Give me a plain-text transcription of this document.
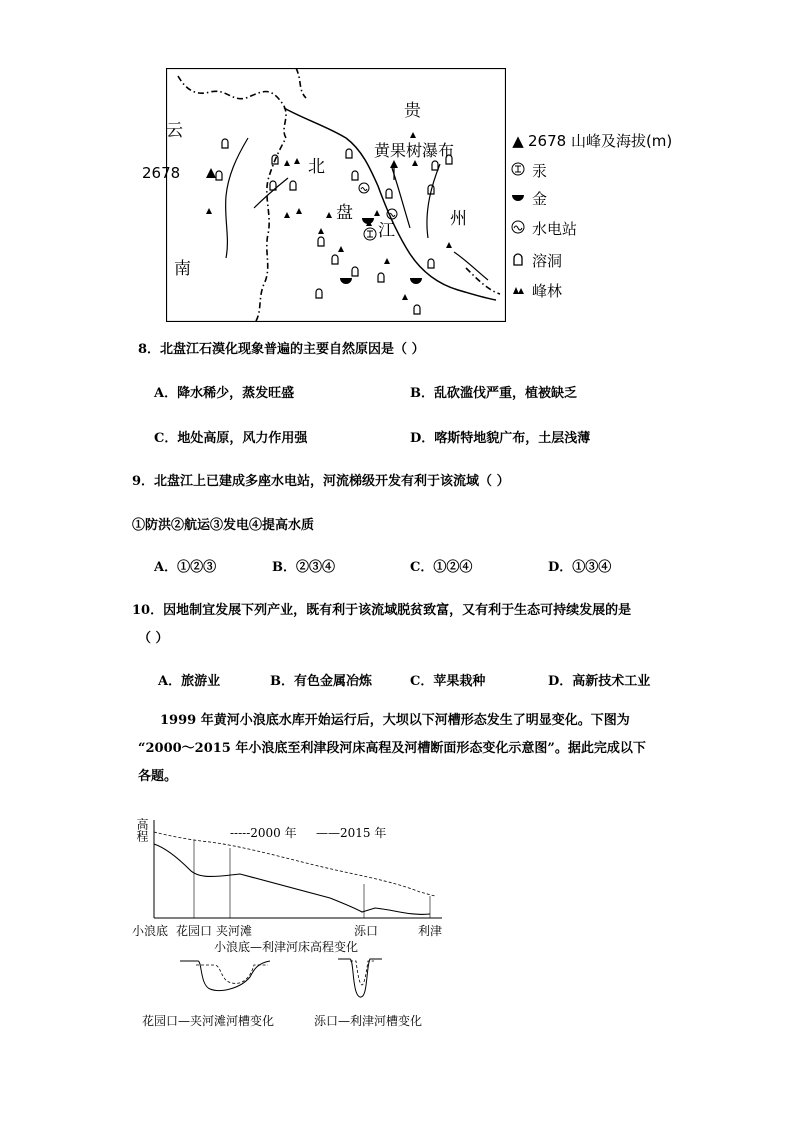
贵
州
云
南
北
盘
江
黄果树瀑布
2678
▲ 2678 山峰及海拔(m)
汞
金
水电站
溶洞
峰林
8．北盘江石漠化现象普遍的主要自然原因是（ ）
A．降水稀少，蒸发旺盛	B．乱砍滥伐严重，植被缺乏
C．地处高原，风力作用强	D．喀斯特地貌广布，土层浅薄
9．北盘江上已建成多座水电站，河流梯级开发有利于该流域（ ）
①防洪②航运③发电④提高水质
A．①②③	B．②③④	C．①②④	D．①③④
10．因地制宜发展下列产业，既有利于该流域脱贫致富，又有利于生态可持续发展的是
（ ）
A．旅游业	B．有色金属冶炼	C．苹果栽种	D．高新技术工业
1999 年黄河小浪底水库开始运行后，大坝以下河槽形态发生了明显变化。下图为
“2000～2015 年小浪底至利津段河床高程及河槽断面形态变化示意图”。据此完成以下
各题。
高程	-----2000 年 ——2015 年
小浪底 花园口 夹河滩	泺口	利津
小浪底—利津河床高程变化
花园口—夹河滩河槽变化	泺口—利津河槽变化
